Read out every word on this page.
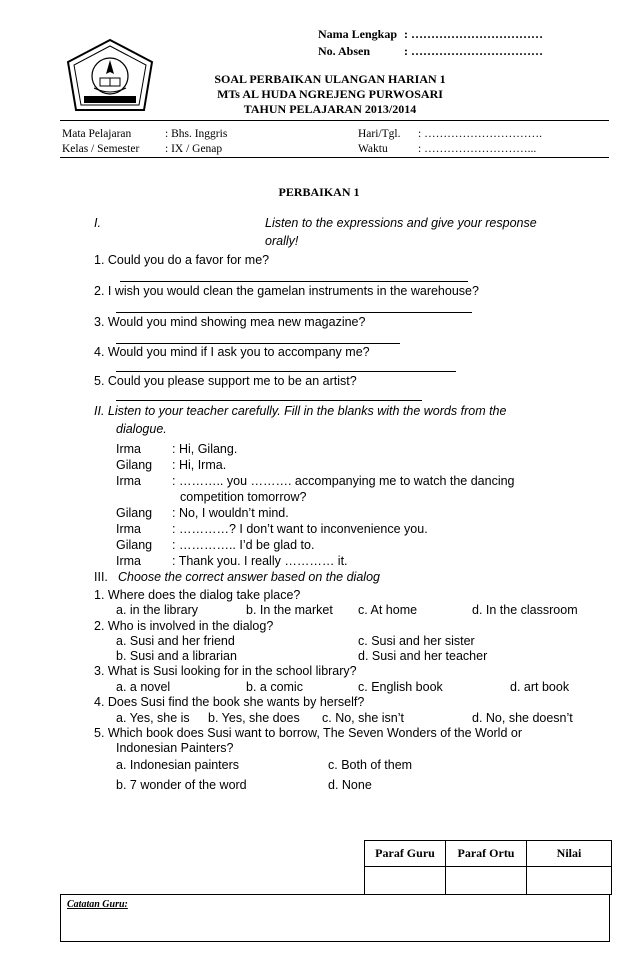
Nama Lengkap : ……………………………
No. Absen	: ……………………………
SOAL PERBAIKAN ULANGAN HARIAN 1
MTs AL HUDA NGREJENG PURWOSARI
TAHUN PELAJARAN 2013/2014
Mata Pelajaran	: Bhs. Inggris
Kelas / Semester : IX / Genap
Hari/Tgl. : ………………………….
Waktu	: ………………………...
PERBAIKAN 1
I.	Listen to the expressions and give your response
orally!
1. Could you do a favor for me?
2. I wish you would clean the gamelan instruments in the warehouse?
3. Would you mind showing mea new magazine?
4. Would you mind if I ask you to accompany me?
5. Could you please support me to be an artist?
II. Listen to your teacher carefully. Fill in the blanks with the words from the
dialogue.
Irma : Hi, Gilang.
Gilang : Hi, Irma.
Irma : ……….. you ………. accompanying me to watch the dancing
competition tomorrow?
Gilang : No, I wouldn’t mind.
Irma : …………? I don’t want to inconvenience you.
Gilang : ………….. I’d be glad to.
Irma : Thank you. I really ………… it.
III. Choose the correct answer based on the dialog
1. Where does the dialog take place?
a. in the library	b. In the market c. At home	d. In the classroom
2. Who is involved in the dialog?
a. Susi and her friend	c. Susi and her sister
b. Susi and a librarian	d. Susi and her teacher
3. What is Susi looking for in the school library?
a. a novel	b. a comic	c. English book	d. art book
4. Does Susi find the book she wants by herself?
a. Yes, she is b. Yes, she does c. No, she isn’t	d. No, she doesn’t
5. Which book does Susi want to borrow, The Seven Wonders of the World or
Indonesian Painters?
a. Indonesian painters	c. Both of them
b. 7 wonder of the word	d. None
Paraf Guru	Paraf Ortu	Nilai

Catatan Guru:
